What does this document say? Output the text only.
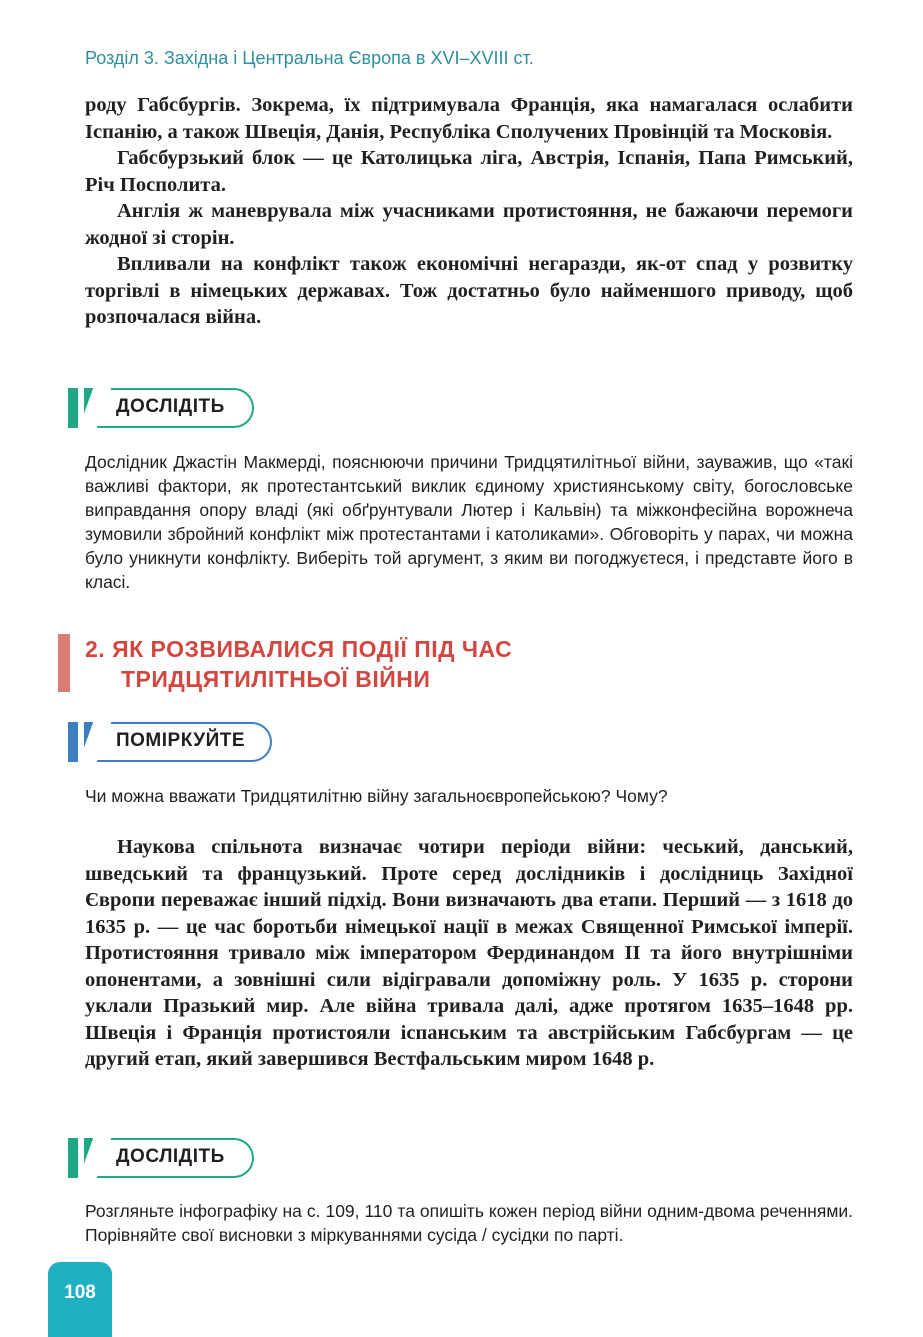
Розділ 3. Західна і Центральна Європа в XVI–XVIII ст.

роду Габсбургів. Зокрема, їх підтримувала Франція, яка намагалася ослабити Іспанію, а також Швеція, Данія, Республіка Сполучених Провінцій та Московія.

Габсбурзький блок — це Католицька ліга, Австрія, Іспанія, Папа Римський, Річ Посполита.

Англія ж маневрувала між учасниками протистояння, не бажаючи перемоги жодної зі сторін.

Впливали на конфлікт також економічні негаразди, як-от спад у розвитку торгівлі в німецьких державах. Тож достатньо було найменшого приводу, щоб розпочалася війна.

ДОСЛІДІТЬ

Дослідник Джастін Макмерді, пояснюючи причини Тридцятилітньої війни, зауважив, що «такі важливі фактори, як протестантський виклик єдиному християнському світу, богословське виправдання опору владі (які обґрунтували Лютер і Кальвін) та міжконфесійна ворожнеча зумовили збройний конфлікт між протестантами і католиками». Обговоріть у парах, чи можна було уникнути конфлікту. Виберіть той аргумент, з яким ви погоджуєтеся, і представте його в класі.

2. ЯК РОЗВИВАЛИСЯ ПОДІЇ ПІД ЧАС
ТРИДЦЯТИЛІТНЬОЇ ВІЙНИ
ПОМІРКУЙТЕ

Чи можна вважати Тридцятилітню війну загальноєвропейською? Чому?

Наукова спільнота визначає чотири періоди війни: чеський, данський, шведський та французький. Проте серед дослідників і дослідниць Західної Європи переважає інший підхід. Вони визначають два етапи. Перший — з 1618 до 1635 р. — це час боротьби німецької нації в межах Священної Римської імперії. Протистояння тривало між імператором Фердинандом II та його внутрішніми опонентами, а зовнішні сили відігравали допоміжну роль. У 1635 р. сторони уклали Празький мир. Але війна тривала далі, адже протягом 1635–1648 рр. Швеція і Франція протистояли іспанським та австрійським Габсбургам — це другий етап, який завершився Вестфальським миром 1648 р.

ДОСЛІДІТЬ

Розгляньте інфографіку на с. 109, 110 та опишіть кожен період війни одним-двома реченнями. Порівняйте свої висновки з міркуваннями сусіда / сусідки по парті.

108
